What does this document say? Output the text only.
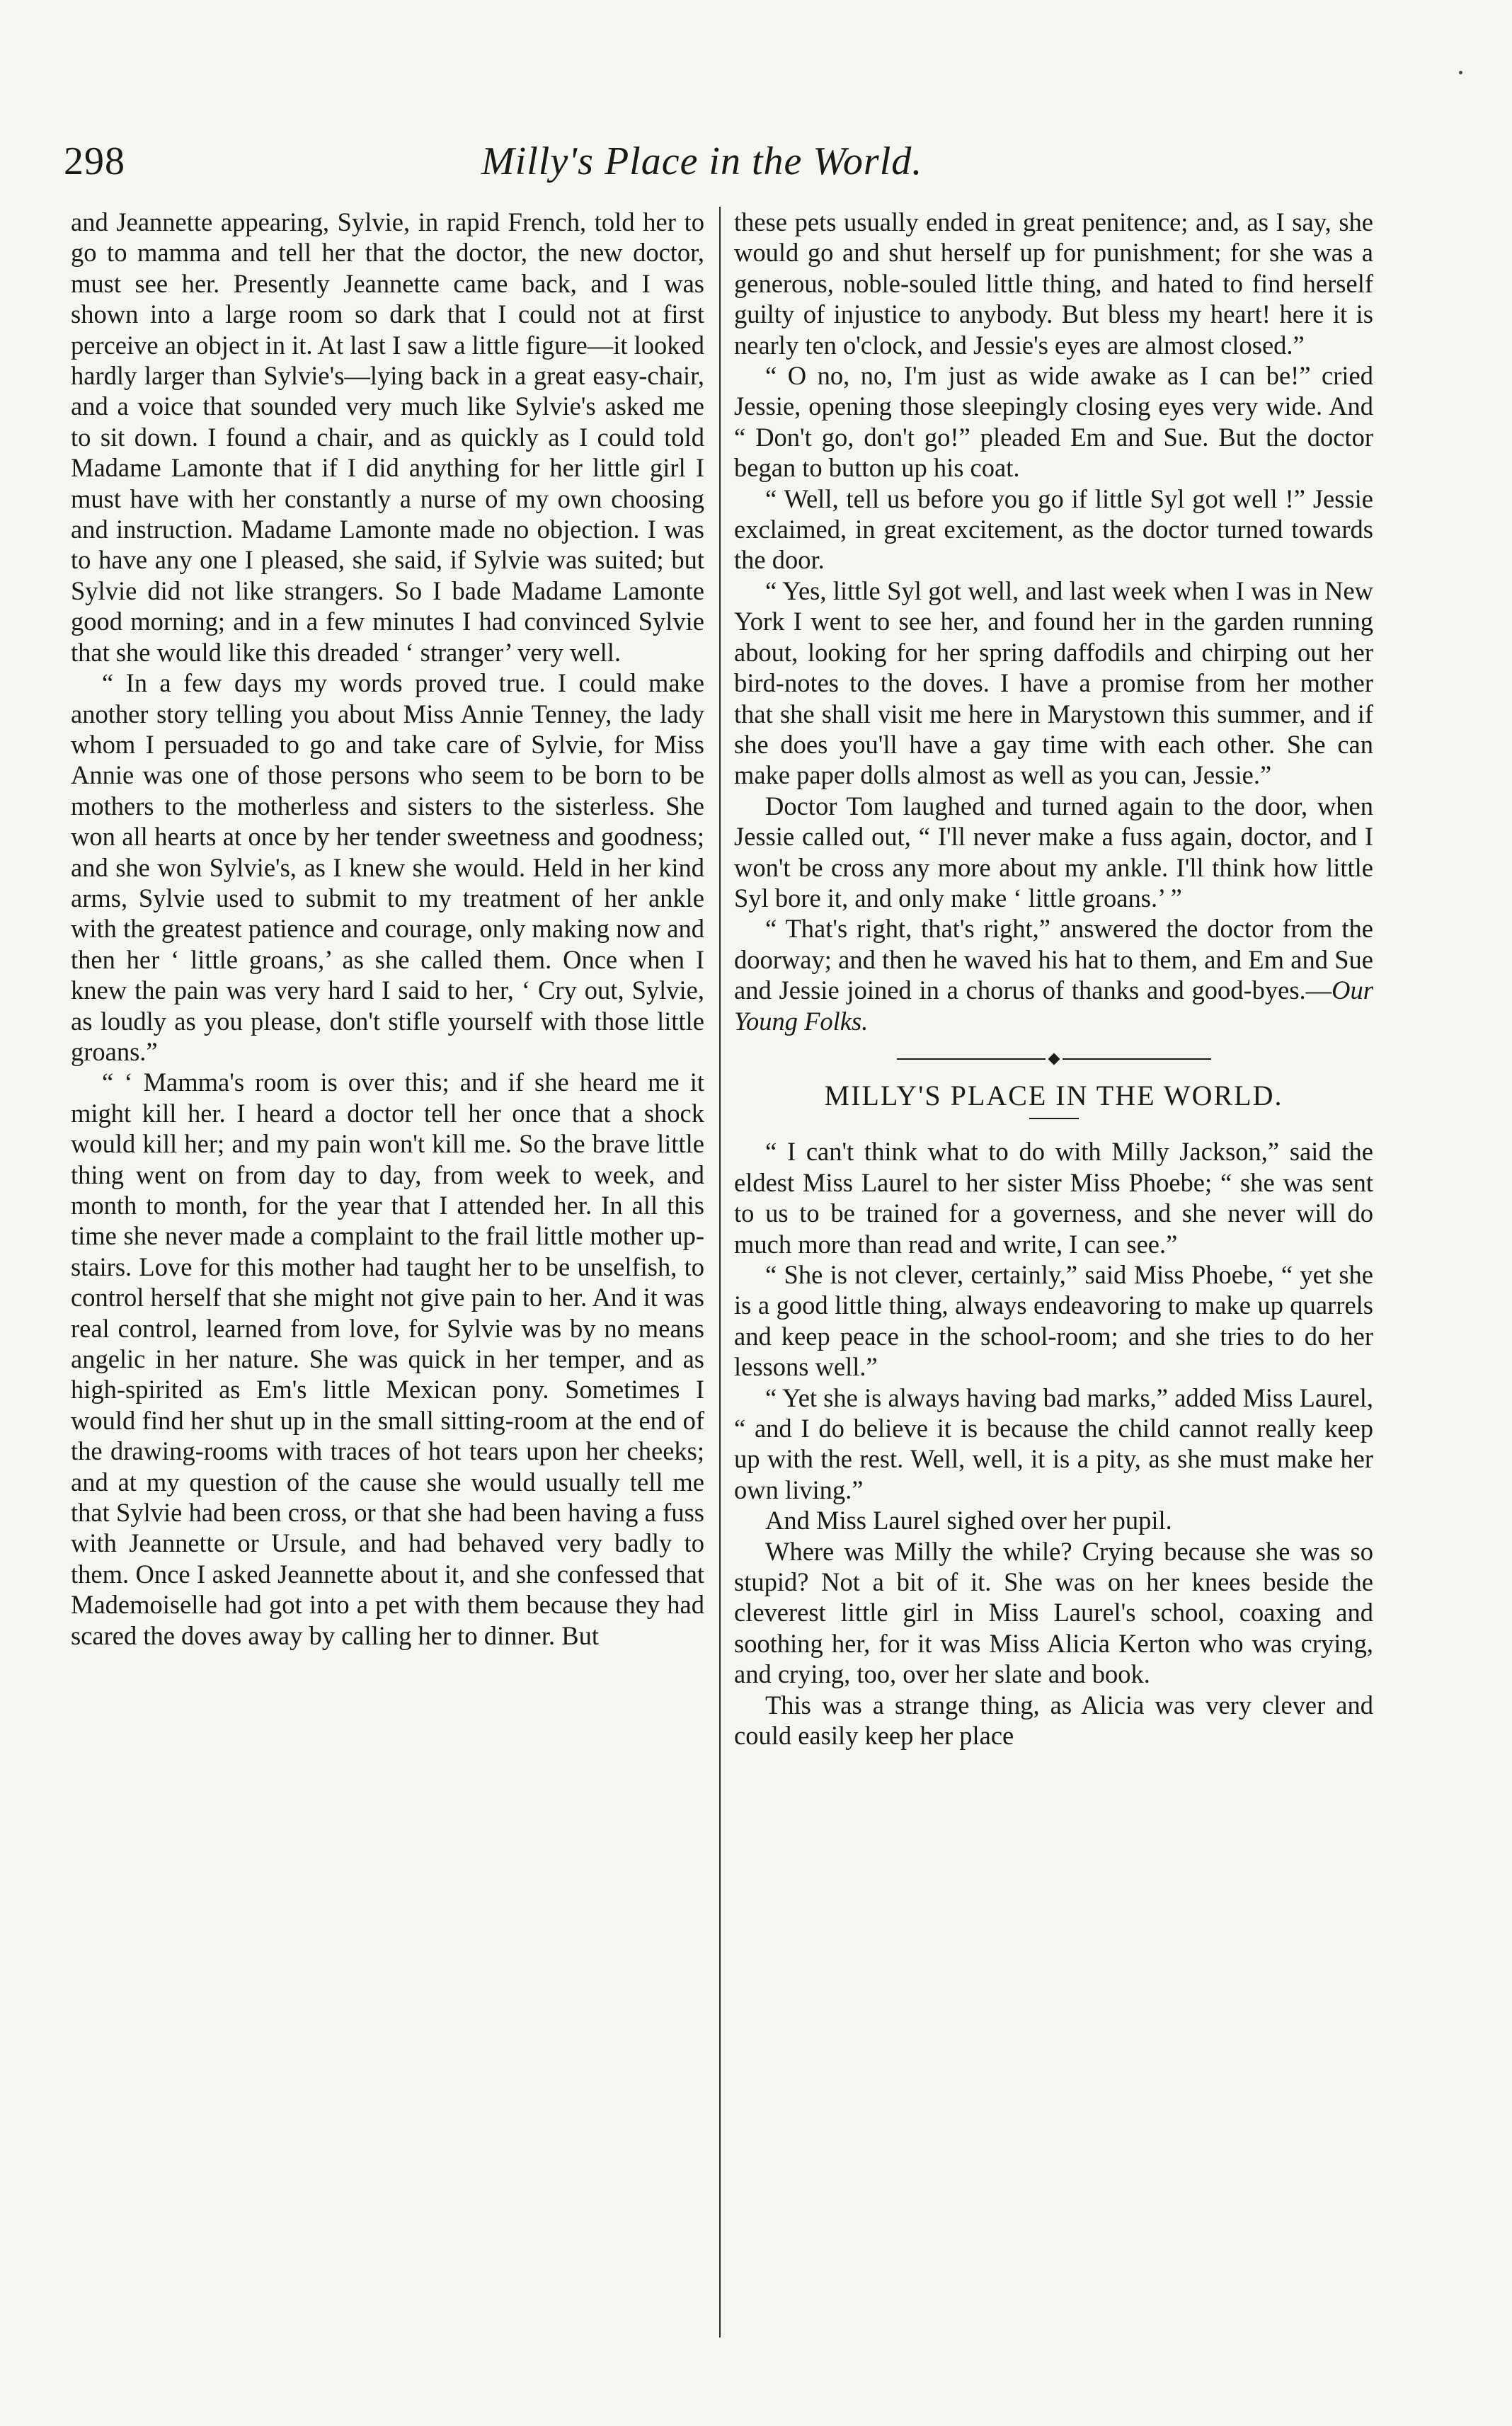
298	Milly's Place in the World.

and Jeannette appearing, Sylvie, in rapid French, told her to go to mamma and tell her that the doctor, the new doctor, must see her. Presently Jeannette came back, and I was shown into a large room so dark that I could not at first perceive an object in it. At last I saw a little figure—it looked hardly larger than Sylvie's—lying back in a great easy-chair, and a voice that sounded very much like Sylvie's asked me to sit down. I found a chair, and as quickly as I could told Madame Lamonte that if I did anything for her little girl I must have with her constantly a nurse of my own choosing and instruction. Madame Lamonte made no objection. I was to have any one I pleased, she said, if Sylvie was suited; but Sylvie did not like strangers. So I bade Madame Lamonte good morning; and in a few minutes I had convinced Sylvie that she would like this dreaded ‘ stranger’ very well.

“ In a few days my words proved true. I could make another story telling you about Miss Annie Tenney, the lady whom I persuaded to go and take care of Sylvie, for Miss Annie was one of those persons who seem to be born to be mothers to the motherless and sisters to the sisterless. She won all hearts at once by her tender sweetness and goodness; and she won Sylvie's, as I knew she would. Held in her kind arms, Sylvie used to submit to my treatment of her ankle with the greatest patience and courage, only making now and then her ‘ little groans,’ as she called them. Once when I knew the pain was very hard I said to her, ‘ Cry out, Sylvie, as loudly as you please, don't stifle yourself with those little groans.”

“ ‘ Mamma's room is over this; and if she heard me it might kill her. I heard a doctor tell her once that a shock would kill her; and my pain won't kill me. So the brave little thing went on from day to day, from week to week, and month to month, for the year that I attended her. In all this time she never made a complaint to the frail little mother up-stairs. Love for this mother had taught her to be unselfish, to control herself that she might not give pain to her. And it was real control, learned from love, for Sylvie was by no means angelic in her nature. She was quick in her temper, and as high-spirited as Em's little Mexican pony. Sometimes I would find her shut up in the small sitting-room at the end of the drawing-rooms with traces of hot tears upon her cheeks; and at my question of the cause she would usually tell me that Sylvie had been cross, or that she had been having a fuss with Jeannette or Ursule, and had behaved very badly to them. Once I asked Jeannette about it, and she confessed that Mademoiselle had got into a pet with them because they had scared the doves away by calling her to dinner. But

these pets usually ended in great penitence; and, as I say, she would go and shut herself up for punishment; for she was a generous, noble-souled little thing, and hated to find herself guilty of injustice to anybody. But bless my heart! here it is nearly ten o'clock, and Jessie's eyes are almost closed.”

“ O no, no, I'm just as wide awake as I can be!” cried Jessie, opening those sleepingly closing eyes very wide. And “ Don't go, don't go!” pleaded Em and Sue. But the doctor began to button up his coat.

“ Well, tell us before you go if little Syl got well !” Jessie exclaimed, in great excitement, as the doctor turned towards the door.

“ Yes, little Syl got well, and last week when I was in New York I went to see her, and found her in the garden running about, looking for her spring daffodils and chirping out her bird-notes to the doves. I have a promise from her mother that she shall visit me here in Marystown this summer, and if she does you'll have a gay time with each other. She can make paper dolls almost as well as you can, Jessie.”

Doctor Tom laughed and turned again to the door, when Jessie called out, “ I'll never make a fuss again, doctor, and I won't be cross any more about my ankle. I'll think how little Syl bore it, and only make ‘ little groans.’ ”

“ That's right, that's right,” answered the doctor from the doorway; and then he waved his hat to them, and Em and Sue and Jessie joined in a chorus of thanks and good-byes.—Our Young Folks.

MILLY'S PLACE IN THE WORLD.

“ I can't think what to do with Milly Jackson,” said the eldest Miss Laurel to her sister Miss Phoebe; “ she was sent to us to be trained for a governess, and she never will do much more than read and write, I can see.”

“ She is not clever, certainly,” said Miss Phoebe, “ yet she is a good little thing, always endeavoring to make up quarrels and keep peace in the school-room; and she tries to do her lessons well.”

“ Yet she is always having bad marks,” added Miss Laurel, “ and I do believe it is because the child cannot really keep up with the rest. Well, well, it is a pity, as she must make her own living.”

And Miss Laurel sighed over her pupil.

Where was Milly the while? Crying because she was so stupid? Not a bit of it. She was on her knees beside the cleverest little girl in Miss Laurel's school, coaxing and soothing her, for it was Miss Alicia Kerton who was crying, and crying, too, over her slate and book.

This was a strange thing, as Alicia was very clever and could easily keep her place
